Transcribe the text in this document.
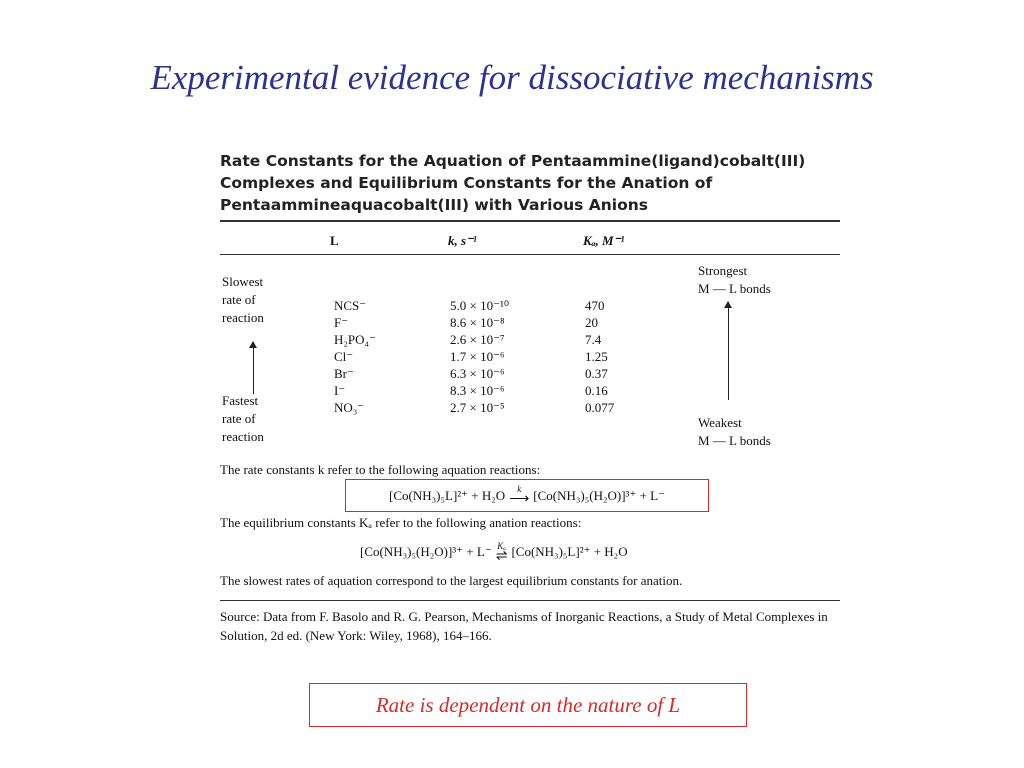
Experimental evidence for dissociative mechanisms
Rate Constants for the Aquation of Pentaammine(ligand)cobalt(III)
Complexes and Equilibrium Constants for the Anation of
Pentaammineaquacobalt(III) with Various Anions
L	k, s⁻¹	Kₐ, M⁻¹
Slowest
rate of
reaction
Fastest
rate of
reaction
Strongest
M — L bonds
Weakest
M — L bonds
NCS⁻
F⁻
H₂PO₄⁻
Cl⁻
Br⁻
I⁻
NO₃⁻
5.0 × 10⁻¹⁰
8.6 × 10⁻⁸
2.6 × 10⁻⁷
1.7 × 10⁻⁶
6.3 × 10⁻⁶
8.3 × 10⁻⁶
2.7 × 10⁻⁵
470
20
7.4
1.25
0.37
0.16
0.077
The rate constants k refer to the following aquation reactions:
[Co(NH₃)₅L]²⁺ + H₂O k
⟶ [Co(NH₃)₅(H₂O)]³⁺ + L⁻
The equilibrium constants Kₐ refer to the following anation reactions:
[Co(NH₃)₅(H₂O)]³⁺ + L⁻ Kₐ
⇌ [Co(NH₃)₅L]²⁺ + H₂O
The slowest rates of aquation correspond to the largest equilibrium constants for anation.
Source: Data from F. Basolo and R. G. Pearson, Mechanisms of Inorganic Reactions, a Study of Metal Complexes in Solution, 2d ed. (New York: Wiley, 1968), 164–166.
Rate is dependent on the nature of L
